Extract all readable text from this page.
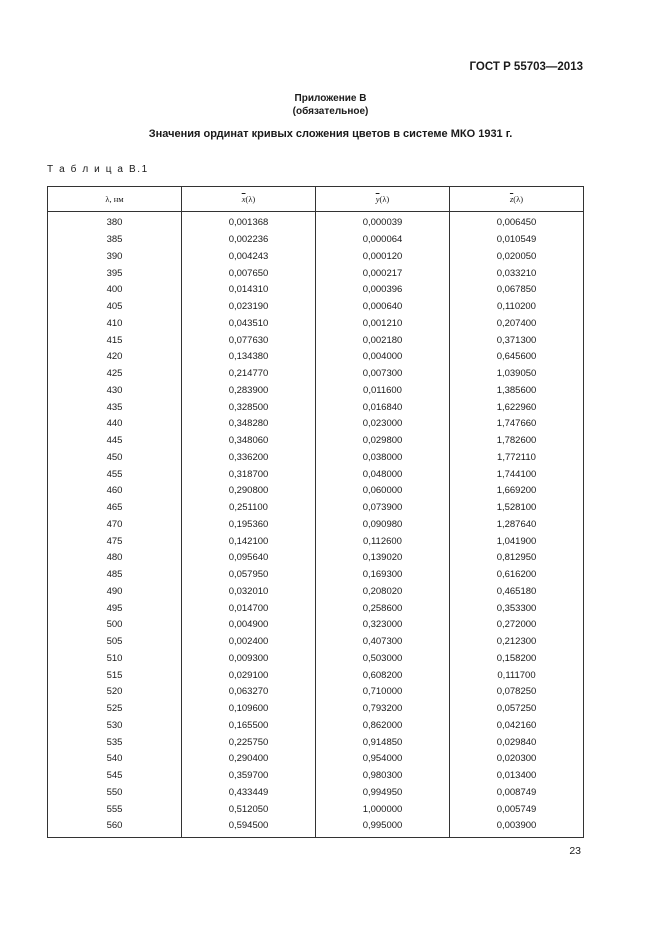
ГОСТ Р 55703—2013
Приложение В
(обязательное)
Значения ординат кривых сложения цветов в системе МКО 1931 г.
Т а б л и ц а В.1
λ, нм	$\overline{x}(\lambda)$	$\overline{y}(\lambda)$	$\overline{z}(\lambda)$
380	0,001368	0,000039	0,006450
385	0,002236	0,000064	0,010549
390	0,004243	0,000120	0,020050
395	0,007650	0,000217	0,033210
400	0,014310	0,000396	0,067850
405	0,023190	0,000640	0,110200
410	0,043510	0,001210	0,207400
415	0,077630	0,002180	0,371300
420	0,134380	0,004000	0,645600
425	0,214770	0,007300	1,039050
430	0,283900	0,011600	1,385600
435	0,328500	0,016840	1,622960
440	0,348280	0,023000	1,747660
445	0,348060	0,029800	1,782600
450	0,336200	0,038000	1,772110
455	0,318700	0,048000	1,744100
460	0,290800	0,060000	1,669200
465	0,251100	0,073900	1,528100
470	0,195360	0,090980	1,287640
475	0,142100	0,112600	1,041900
480	0,095640	0,139020	0,812950
485	0,057950	0,169300	0,616200
490	0,032010	0,208020	0,465180
495	0,014700	0,258600	0,353300
500	0,004900	0,323000	0,272000
505	0,002400	0,407300	0,212300
510	0,009300	0,503000	0,158200
515	0,029100	0,608200	0,111700
520	0,063270	0,710000	0,078250
525	0,109600	0,793200	0,057250
530	0,165500	0,862000	0,042160
535	0,225750	0,914850	0,029840
540	0,290400	0,954000	0,020300
545	0,359700	0,980300	0,013400
550	0,433449	0,994950	0,008749
555	0,512050	1,000000	0,005749
560	0,594500	0,995000	0,003900
23
